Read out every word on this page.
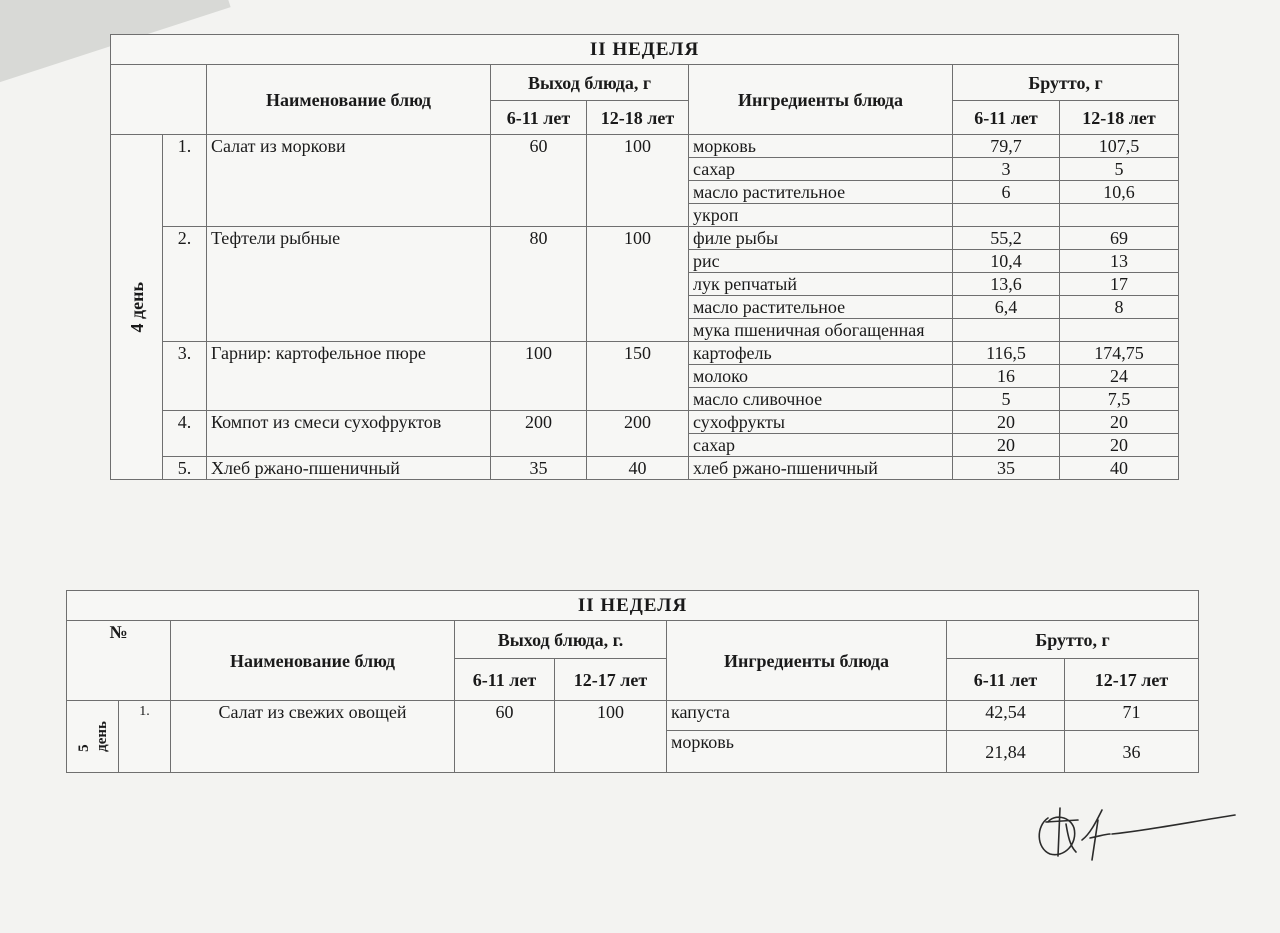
II НЕДЕЛЯ							
		Наименование блюд	Выход блюда, г		Ингредиенты блюда	Брутто, г	
			6-11 лет	12-18 лет		6-11 лет	12-18 лет

4 день	1.	Салат из моркови	60	100	морковь	79,7	107,5
					сахар	3	5
					масло растительное	6	10,6
					укроп		
	2.	Тефтели рыбные	80	100	филе рыбы	55,2	69
					рис	10,4	13
					лук репчатый	13,6	17
					масло растительное	6,4	8
					мука пшеничная обогащенная		
	3.	Гарнир: картофельное пюре	100	150	картофель	116,5	174,75
					молоко	16	24
					масло сливочное	5	7,5
	4.	Компот из смеси сухофруктов	200	200	сухофрукты	20	20
					сахар	20	20
	5.	Хлеб ржано-пшеничный	35	40	хлеб ржано-пшеничный	35	40
II НЕДЕЛЯ							
№		Наименование блюд	Выход блюда, г.		Ингредиенты блюда	Брутто, г	
			6-11 лет	12-17 лет		6-11 лет	12-17 лет

5 день	1.	Салат из свежих овощей	60	100	капуста	42,54	71
					морковь	21,84	36
